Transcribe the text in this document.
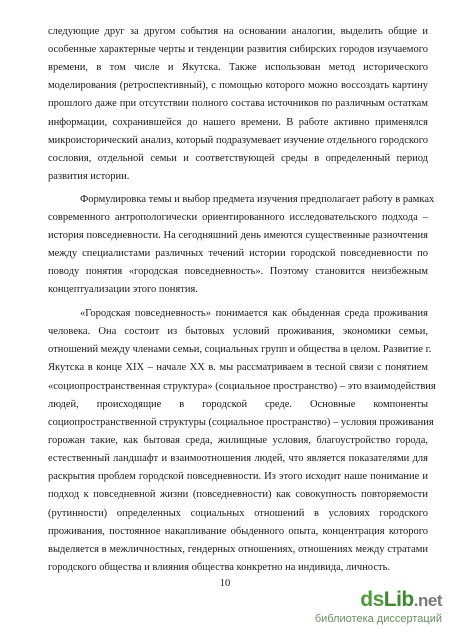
следующие друг за другом события на основании аналогии, выделить общие и
особенные характерные черты и тенденции развития сибирских городов изучаемого
времени, в том числе и Якутска. Также использован метод исторического
моделирования (ретроспективный), с помощью которого можно воссоздать картину
прошлого даже при отсутствии полного состава источников по различным остаткам
информации, сохранившейся до нашего времени. В работе активно применялся
микроисторический анализ, который подразумевает изучение отдельного городского
сословия, отдельной семьи и соответствующей среды в определенный период
развития истории.
Формулировка темы и выбор предмета изучения предполагает работу в рамках
современного антропологически ориентированного исследовательского подхода –
история повседневности. На сегодняшний день имеются существенные разночтения
между специалистами различных течений истории городской повседневности по
поводу понятия «городская повседневность». Поэтому становится неизбежным
концептуализации этого понятия.
«Городская повседневность» понимается как обыденная среда проживания
человека. Она состоит из бытовых условий проживания, экономики семьи,
отношений между членами семьи, социальных групп и общества в целом. Развитие г.
Якутска в конце XIX – начале XX в. мы рассматриваем в тесной связи с понятием
«социопространственная структура» (социальное пространство) – это взаимодействия
людей, происходящие в городской среде. Основные компоненты
социопространственной структуры (социальное пространство) – условия проживания
горожан такие, как бытовая среда, жилищные условия, благоустройство города,
естественный ландшафт и взаимоотношения людей, что является показателями для
раскрытия проблем городской повседневности. Из этого исходит наше понимание и
подход к повседневной жизни (повседневности) как совокупность повторяемости
(рутинности) определенных социальных отношений в условиях городского
проживания, постоянное накапливание обыденного опыта, концентрация которого
выделяется в межличностных, гендерных отношениях, отношениях между стратами
городского общества и влияния общества конкретно на индивида, личность.
10
dsLib.net
библиотека диссертаций
